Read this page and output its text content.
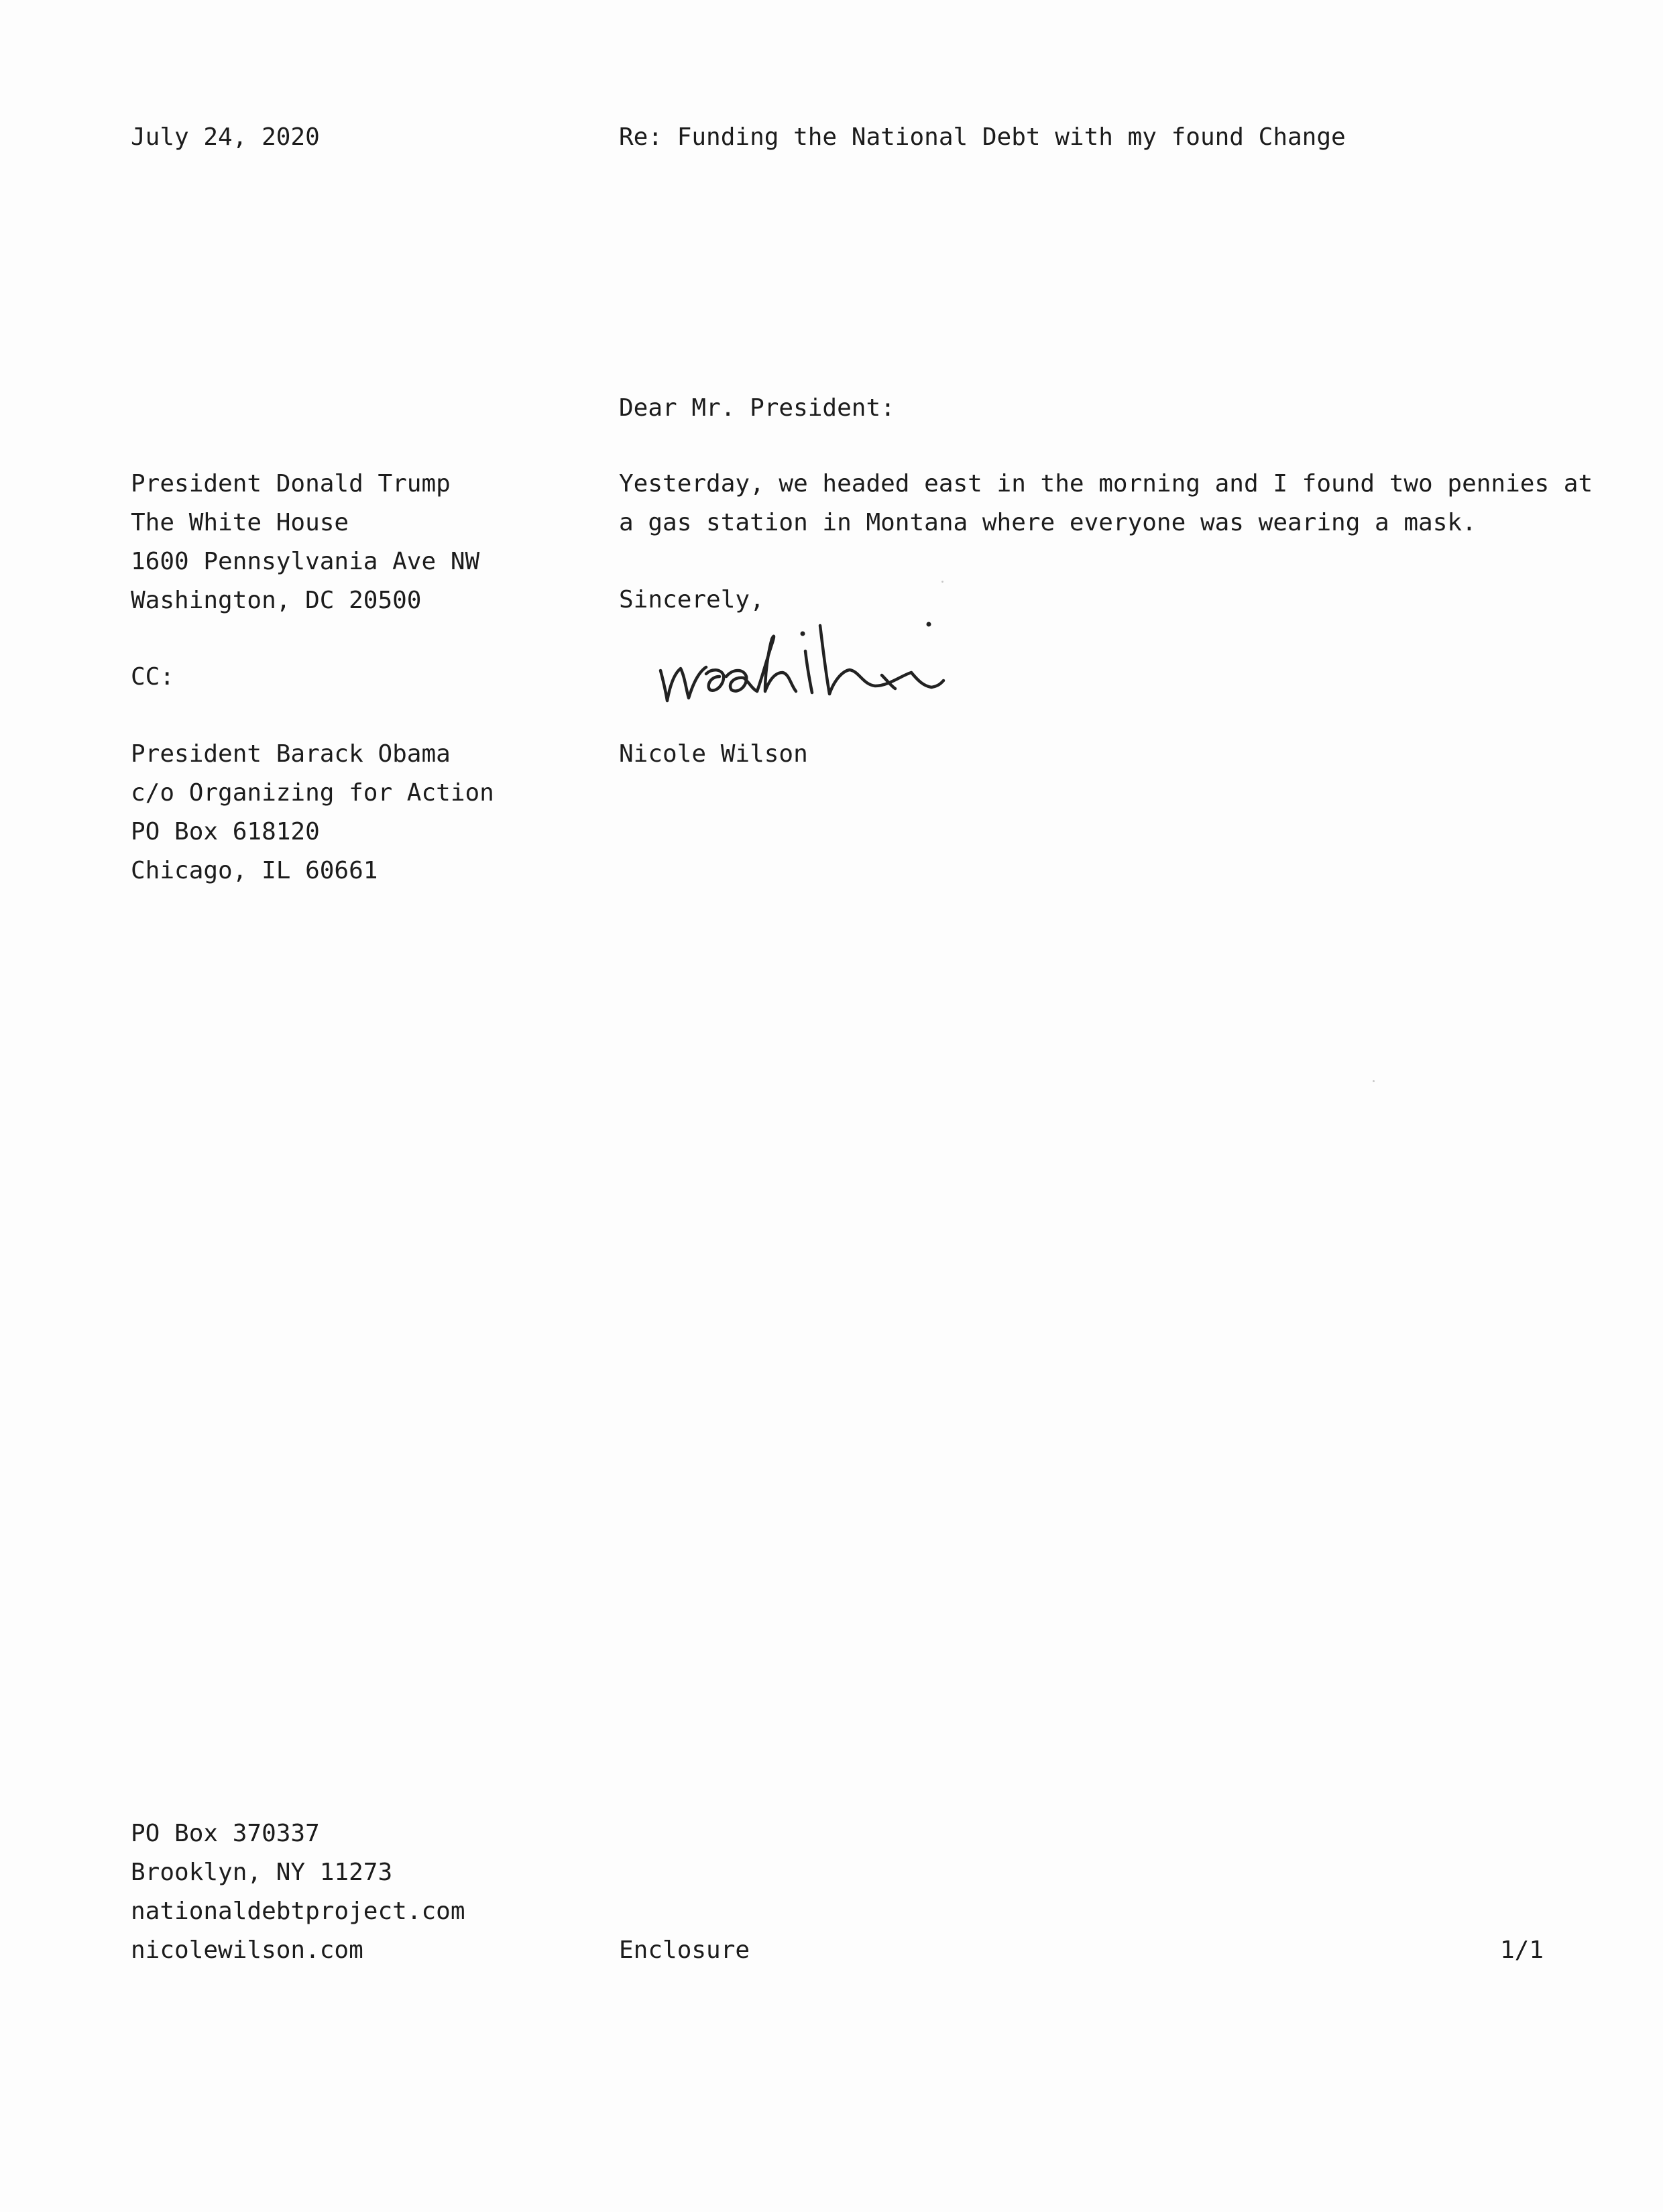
July 24, 2020	Re: Funding the National Debt with my found Change
Dear Mr. President:
President Donald Trump
The White House
1600 Pennsylvania Ave NW
Washington, DC 20500
Yesterday, we headed east in the morning and I found two pennies at
a gas station in Montana where everyone was wearing a mask.
Sincerely,
CC:
Nicole Wilson
President Barack Obama
c/o Organizing for Action
PO Box 618120
Chicago, IL 60661
PO Box 370337
Brooklyn, NY 11273
nationaldebtproject.com
nicolewilson.com	Enclosure	1/1
